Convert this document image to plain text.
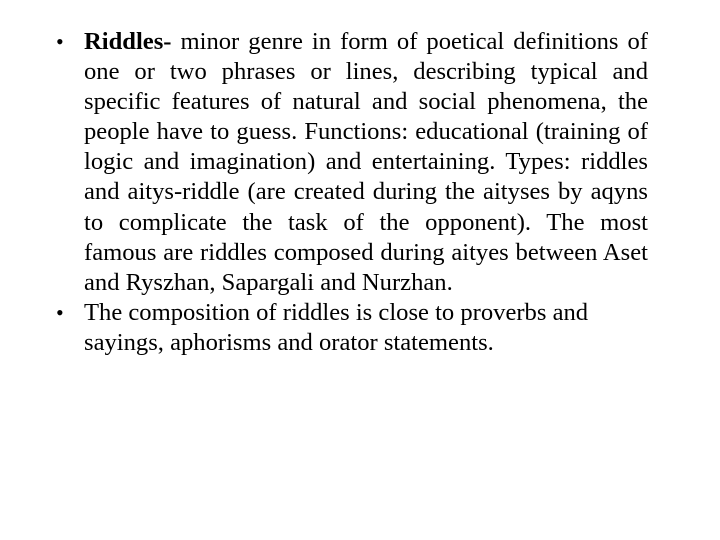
• Riddles- minor genre in form of poetical definitions of one or two phrases or lines, describing typical and specific features of natural and social phenomena, the people have to guess. Functions: educational (training of logic and imagination) and entertaining. Types: riddles and aitys-riddle (are created during the aityses by aqyns to complicate the task of the opponent). The most famous are riddles composed during aityes between Aset and Ryszhan, Sapargali and Nurzhan.
• The composition of riddles is close to proverbs and sayings, aphorisms and orator statements.
